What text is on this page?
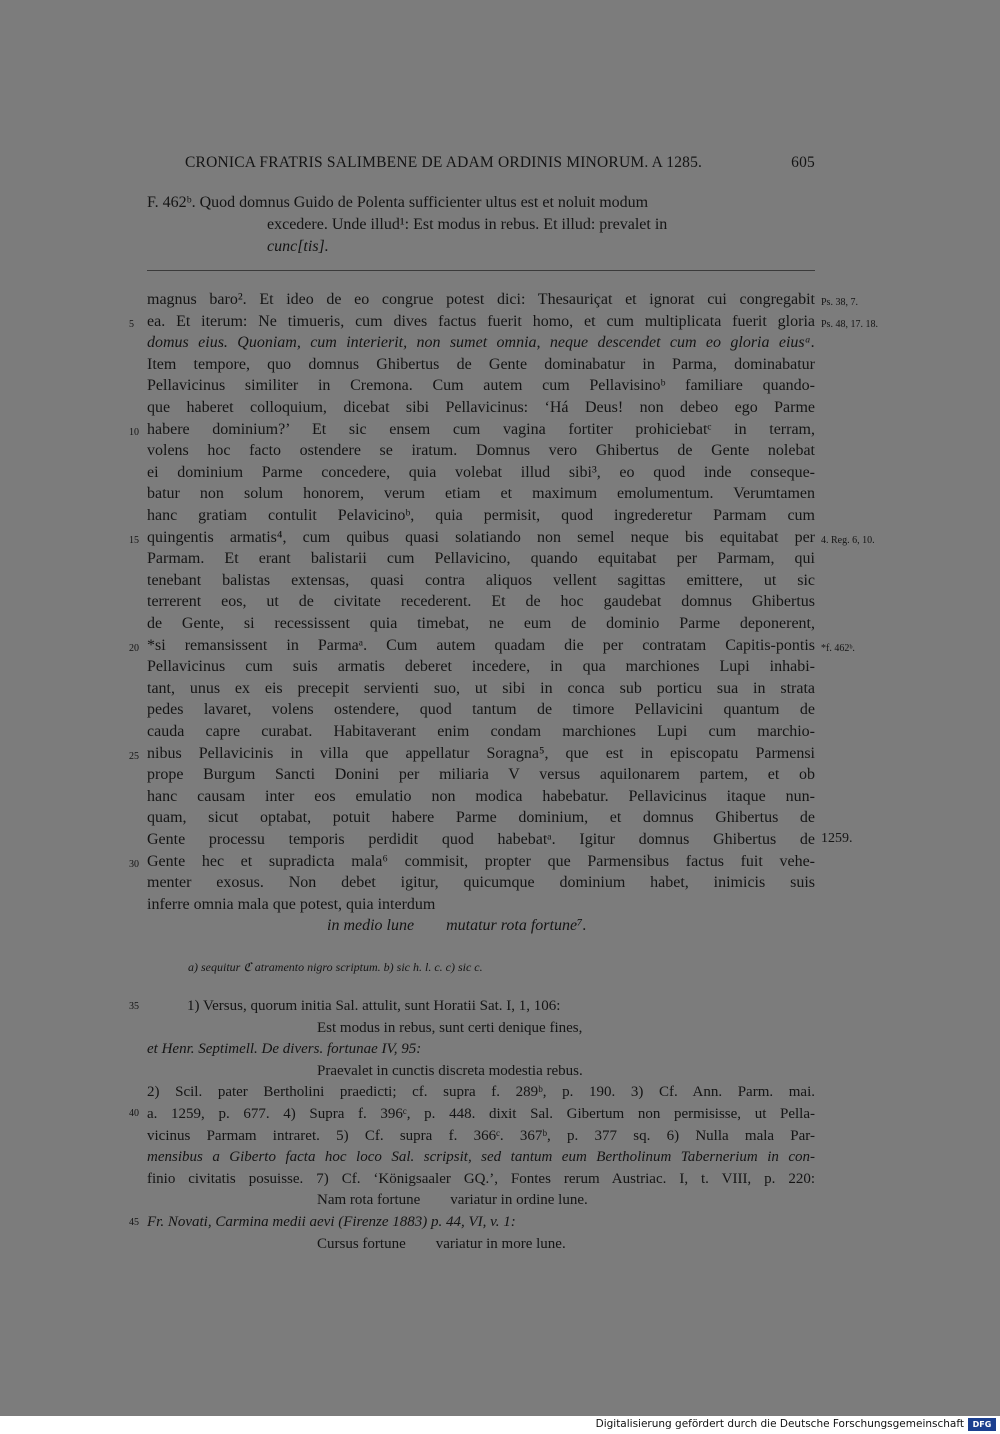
CRONICA FRATRIS SALIMBENE DE ADAM ORDINIS MINORUM. A 1285.	605
F. 462ᵇ. Quod domnus Guido de Polenta sufficienter ultus est et noluit modum
excedere. Unde illud¹: Est modus in rebus. Et illud: prevalet in
cunc[tis].
magnus baro². Et ideo de eo congrue potest dici: Thesauriçat et ignorat cui congregabit
ea. Et iterum: Ne timueris, cum dives factus fuerit homo, et cum multiplicata fuerit gloria
domus eius. Quoniam, cum interierit, non sumet omnia, neque descendet cum eo gloria eiusᵃ.
Item tempore, quo domnus Ghibertus de Gente dominabatur in Parma, dominabatur
Pellavicinus similiter in Cremona. Cum autem cum Pellavisinoᵇ familiare quando-
que haberet colloquium, dicebat sibi Pellavicinus: ‘Há Deus! non debeo ego Parme
habere dominium?’ Et sic ensem cum vagina fortiter prohiciebatᶜ in terram,
volens hoc facto ostendere se iratum. Domnus vero Ghibertus de Gente nolebat
ei dominium Parme concedere, quia volebat illud sibi³, eo quod inde conseque-
batur non solum honorem, verum etiam et maximum emolumentum. Verumtamen
hanc gratiam contulit Pelavicinoᵇ, quia permisit, quod ingrederetur Parmam cum
quingentis armatis⁴, cum quibus quasi solatiando non semel neque bis equitabat per
Parmam. Et erant balistarii cum Pellavicino, quando equitabat per Parmam, qui
tenebant balistas extensas, quasi contra aliquos vellent sagittas emittere, ut sic
terrerent eos, ut de civitate recederent. Et de hoc gaudebat domnus Ghibertus
de Gente, si recessissent quia timebat, ne eum de dominio Parme deponerent,
*si remansissent in Parmaᵃ. Cum autem quadam die per contratam Capitis-pontis
Pellavicinus cum suis armatis deberet incedere, in qua marchiones Lupi inhabi-
tant, unus ex eis precepit servienti suo, ut sibi in conca sub porticu sua in strata
pedes lavaret, volens ostendere, quod tantum de timore Pellavicini quantum de
cauda capre curabat. Habitaverant enim condam marchiones Lupi cum marchio-
nibus Pellavicinis in villa que appellatur Soragna⁵, que est in episcopatu Parmensi
prope Burgum Sancti Donini per miliaria V versus aquilonarem partem, et ob
hanc causam inter eos emulatio non modica habebatur. Pellavicinus itaque nun-
quam, sicut optabat, potuit habere Parme dominium, et domnus Ghibertus de
Gente processu temporis perdidit quod habebatᵃ. Igitur domnus Ghibertus de
Gente hec et supradicta mala⁶ commisit, propter que Parmensibus factus fuit vehe-
menter exosus. Non debet igitur, quicumque dominium habet, inimicis suis
inferre omnia mala que potest, quia interdum
in medio lune        mutatur rota fortune⁷.
5
10
15
20
25
30
Ps. 38, 7.
Ps. 48, 17. 18.
4. Reg. 6, 10.
*f. 462ᵇ.
1259.
a) sequitur ℭ atramento nigro scriptum. b) sic h. l. c. c) sic c.
35
40
45
1) Versus, quorum initia Sal. attulit, sunt Horatii Sat. I, 1, 106:
Est modus in rebus, sunt certi denique fines,
et Henr. Septimell. De divers. fortunae IV, 95:
Praevalet in cunctis discreta modestia rebus.
2) Scil. pater Bertholini praedicti; cf. supra f. 289ᵇ, p. 190. 3) Cf. Ann. Parm. mai.
a. 1259, p. 677. 4) Supra f. 396ᶜ, p. 448. dixit Sal. Gibertum non permisisse, ut Pella-
vicinus Parmam intraret. 5) Cf. supra f. 366ᶜ. 367ᵇ, p. 377 sq. 6) Nulla mala Par-
mensibus a Giberto facta hoc loco Sal. scripsit, sed tantum eum Bertholinum Tabernerium in con-
finio civitatis posuisse. 7) Cf. ‘Königsaaler GQ.’, Fontes rerum Austriac. I, t. VIII, p. 220:
Nam rota fortune        variatur in ordine lune.
Fr. Novati, Carmina medii aevi (Firenze 1883) p. 44, VI, v. 1:
Cursus fortune        variatur in more lune.
Digitalisierung gefördert durch die Deutsche Forschungsgemeinschaft	DFG
